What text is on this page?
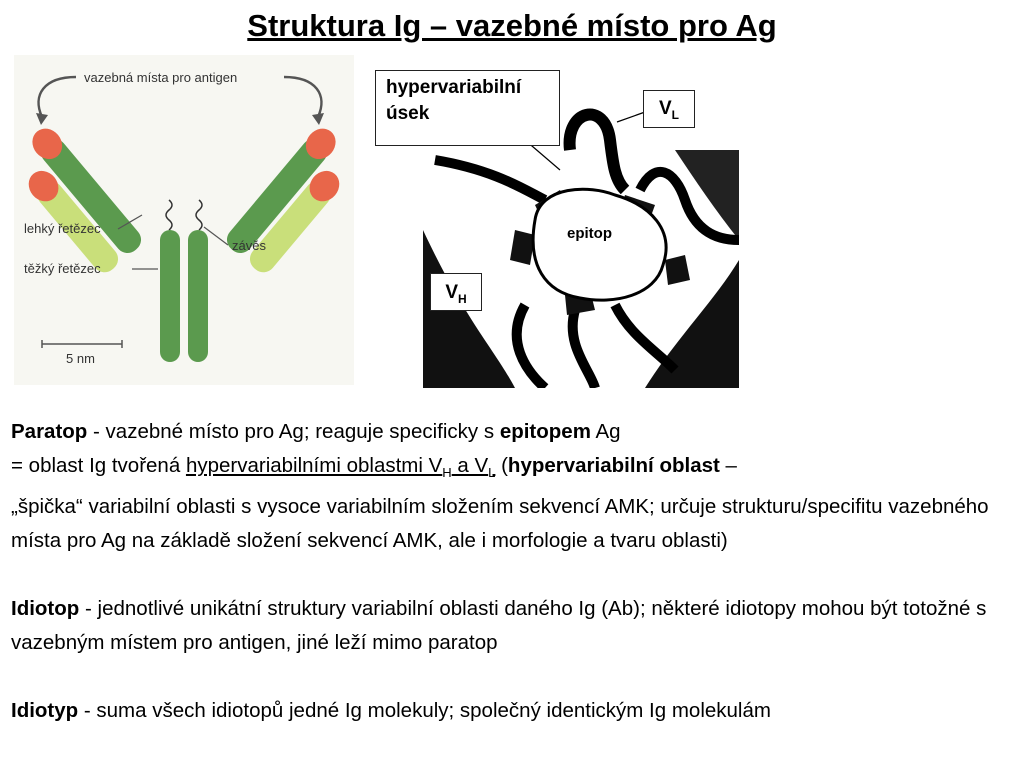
Struktura Ig – vazebné místo pro Ag
vazebná místa pro antigen
lehký řetězec
závěs
těžký řetězec
5 nm
epitop
hypervariabilní úsek	$V_L$
$V_H$

Paratop - vazebné místo pro Ag; reaguje specificky s epitopem Ag
= oblast Ig tvořená hypervariabilními oblastmi $V_H$ a $V_L$ (hypervariabilní oblast –
„špička“ variabilní oblasti s vysoce variabilním složením sekvencí AMK; určuje strukturu/specifitu vazebného místa pro Ag na základě složení sekvencí AMK, ale i morfologie a tvaru oblasti)

Idiotop - jednotlivé unikátní struktury variabilní oblasti daného Ig (Ab); některé idiotopy mohou být totožné s vazebným místem pro antigen, jiné leží mimo paratop

Idiotyp - suma všech idiotopů jedné Ig molekuly; společný identickým Ig molekulám
